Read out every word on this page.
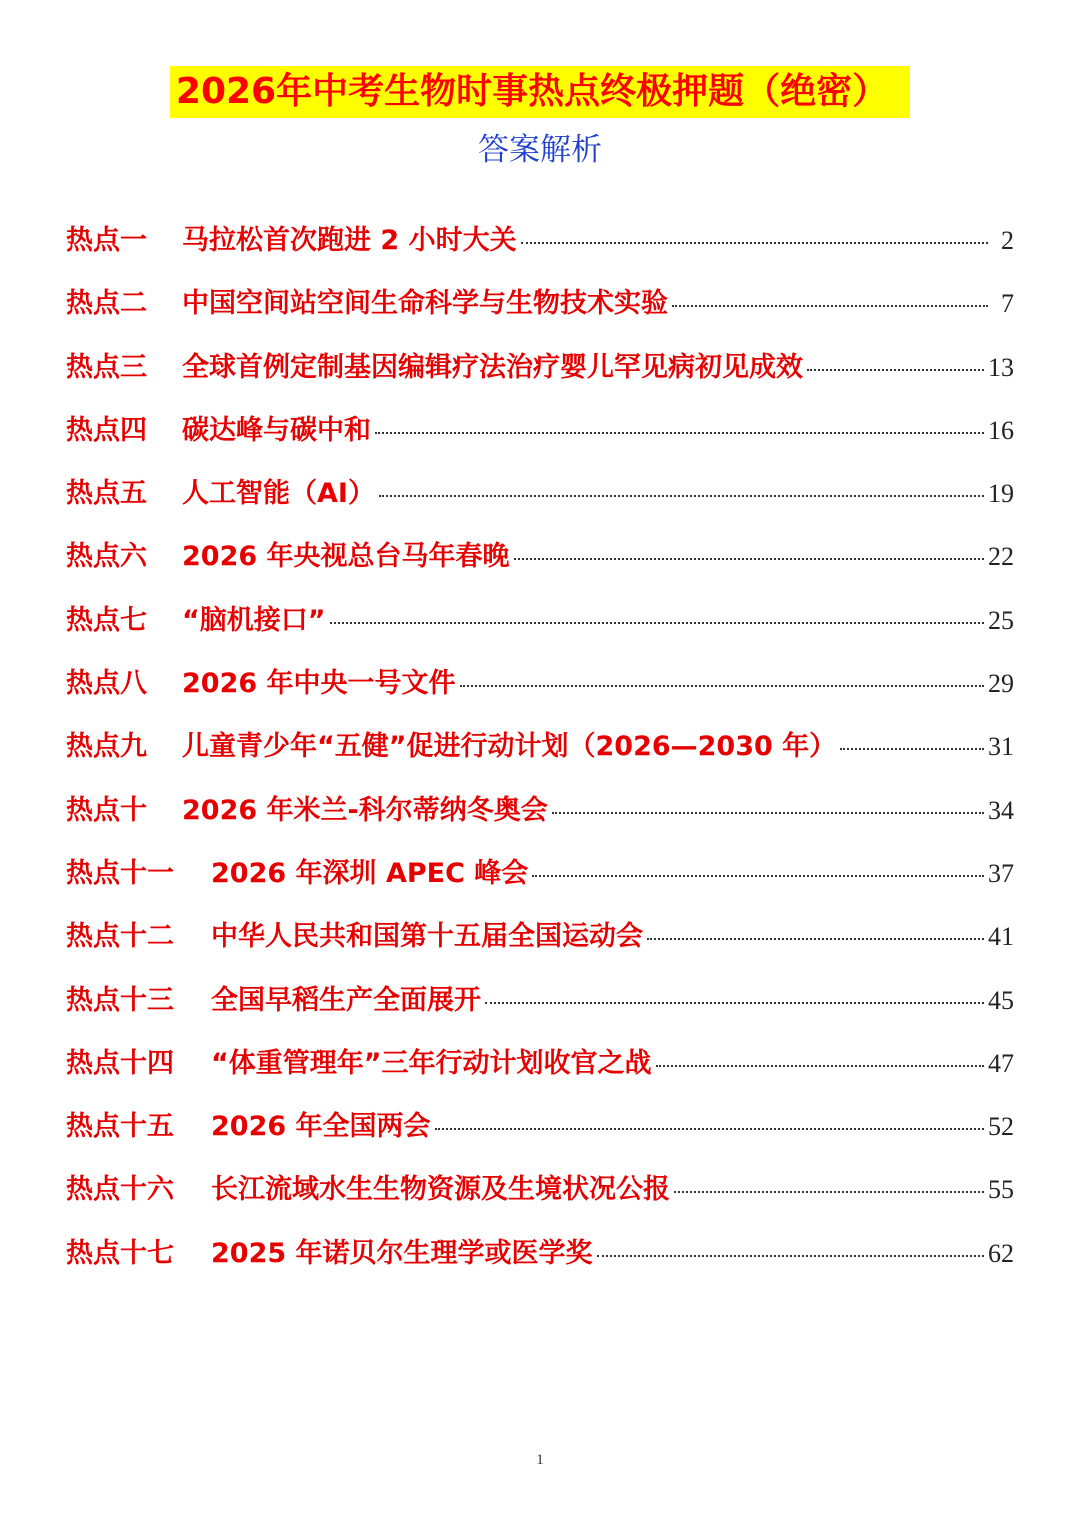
2026年中考生物时事热点终极押题（绝密）
答案解析
热点一	马拉松首次跑进 2 小时大关	2
热点二	中国空间站空间生命科学与生物技术实验	7
热点三	全球首例定制基因编辑疗法治疗婴儿罕见病初见成效	13
热点四	碳达峰与碳中和	16
热点五	人工智能（AI）	19
热点六	2026 年央视总台马年春晚	22
热点七	“脑机接口”	25
热点八	2026 年中央一号文件	29
热点九	儿童青少年“五健”促进行动计划（2026—2030 年）	31
热点十	2026 年米兰-科尔蒂纳冬奥会	34
热点十一	2026 年深圳 APEC 峰会	37
热点十二	中华人民共和国第十五届全国运动会	41
热点十三	全国早稻生产全面展开	45
热点十四	“体重管理年”三年行动计划收官之战	47
热点十五	2026 年全国两会	52
热点十六	长江流域水生生物资源及生境状况公报	55
热点十七	2025 年诺贝尔生理学或医学奖	62
1
